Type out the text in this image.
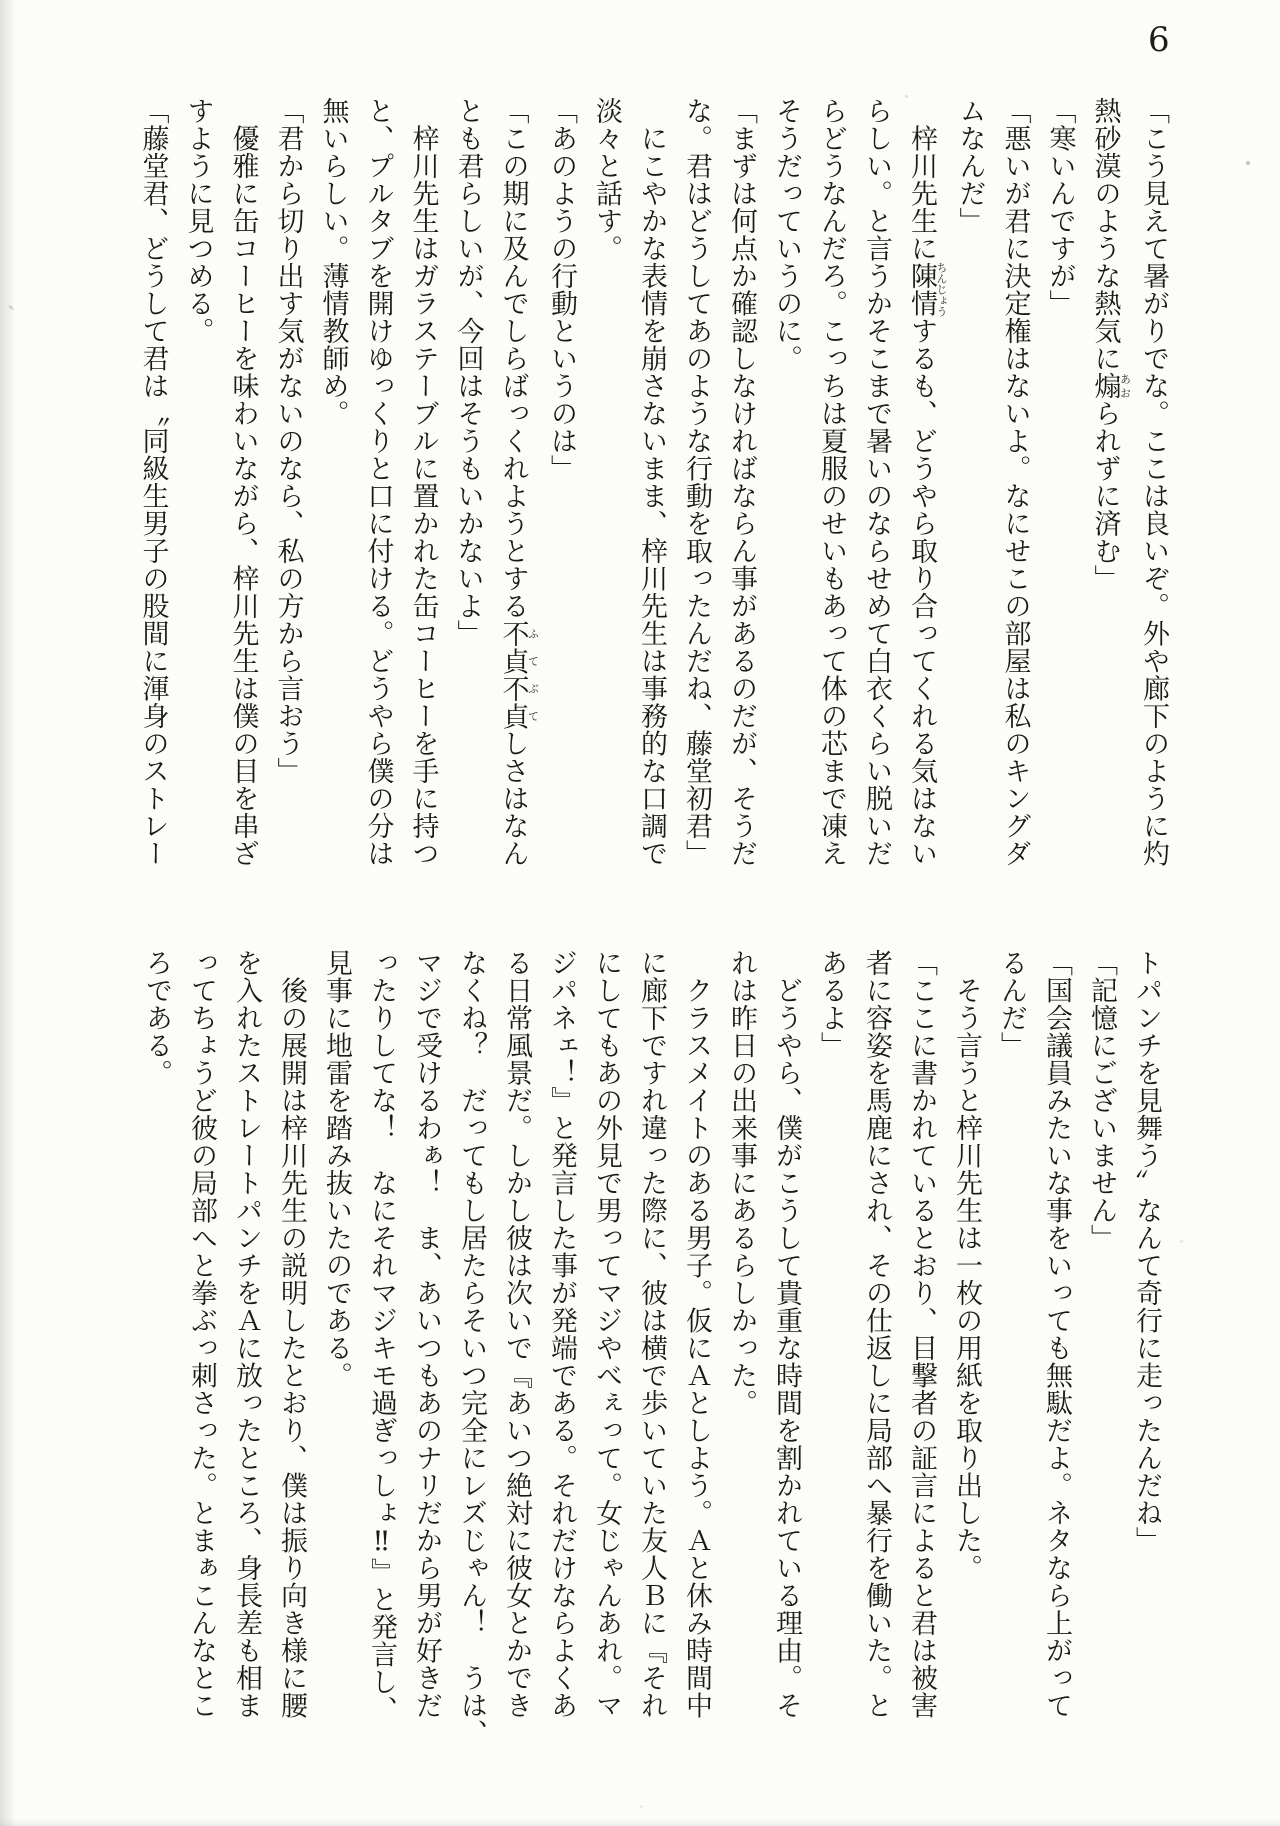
6
「こう見えて暑がりでな。ここは良いぞ。外や廊下のように灼
熱砂漠のような熱気に煽あおられずに済む」
「寒いんですが」
「悪いが君に決定権はないよ。なにせこの部屋は私のキングダ
ムなんだ」
　梓川先生に陳情ちんじょうするも、どうやら取り合ってくれる気はない
らしい。と言うかそこまで暑いのならせめて白衣くらい脱いだ
らどうなんだろ。こっちは夏服のせいもあって体の芯まで凍え
そうだっていうのに。
「まずは何点か確認しなければならん事があるのだが、そうだ
な。君はどうしてあのような行動を取ったんだね、藤堂初君」
　にこやかな表情を崩さないまま、梓川先生は事務的な口調で
淡々と話す。
「あのようの行動というのは」
「この期に及んでしらばっくれようとする不貞不貞ふてぶてしさはなん
とも君らしいが、今回はそうもいかないよ」
　梓川先生はガラステーブルに置かれた缶コーヒーを手に持つ
と、プルタブを開けゆっくりと口に付ける。どうやら僕の分は
無いらしい。薄情教師め。
「君から切り出す気がないのなら、私の方から言おう」
　優雅に缶コーヒーを味わいながら、梓川先生は僕の目を串ざ
すように見つめる。
「藤堂君、どうして君は〝同級生男子の股間に渾身のストレー
トパンチを見舞う〟なんて奇行に走ったんだね」
「記憶にございません」
「国会議員みたいな事をいっても無駄だよ。ネタなら上がって
るんだ」
　そう言うと梓川先生は一枚の用紙を取り出した。
「ここに書かれているとおり、目撃者の証言によると君は被害
者に容姿を馬鹿にされ、その仕返しに局部へ暴行を働いた。と
あるよ」
　どうやら、僕がこうして貴重な時間を割かれている理由。そ
れは昨日の出来事にあるらしかった。
　クラスメイトのある男子。仮にＡとしよう。Ａと休み時間中
に廊下ですれ違った際に、彼は横で歩いていた友人Ｂに『それ
にしてもあの外見で男ってマジやべぇって。女じゃんあれ。マ
ジパネェ！』と発言した事が発端である。それだけならよくあ
る日常風景だ。しかし彼は次いで『あいつ絶対に彼女とかでき
なくね？　だってもし居たらそいつ完全にレズじゃん！　うは、
マジで受けるわぁ！　ま、あいつもあのナリだから男が好きだ
ったりしてな！　なにそれマジキモ過ぎっしょ‼』と発言し、
見事に地雷を踏み抜いたのである。
　後の展開は梓川先生の説明したとおり、僕は振り向き様に腰
を入れたストレートパンチをＡに放ったところ、身長差も相ま
ってちょうど彼の局部へと拳ぶっ刺さった。とまぁこんなとこ
ろである。
